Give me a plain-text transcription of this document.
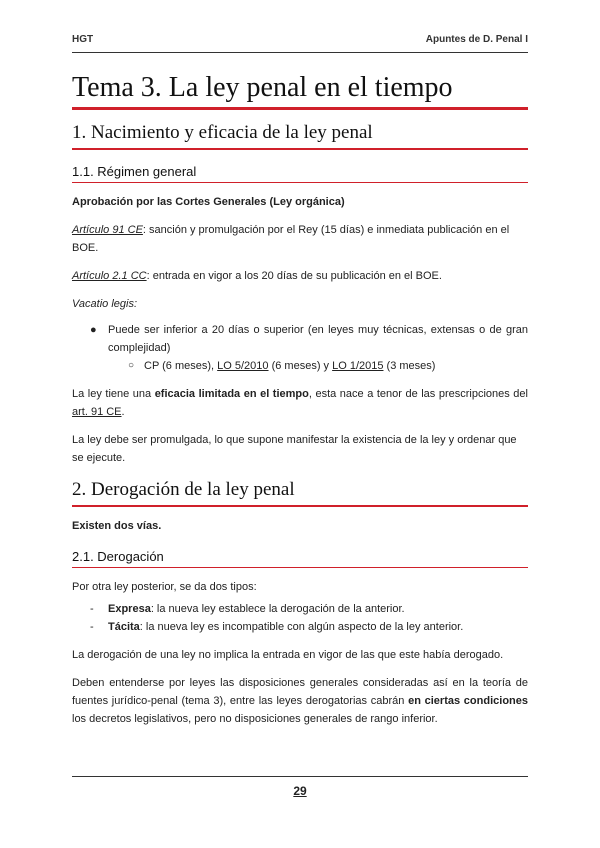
HGT	Apuntes de D. Penal I
Tema 3. La ley penal en el tiempo
1. Nacimiento y eficacia de la ley penal
1.1. Régimen general

Aprobación por las Cortes Generales (Ley orgánica)

Artículo 91 CE: sanción y promulgación por el Rey (15 días) e inmediata publicación en el BOE.

Artículo 2.1 CC: entrada en vigor a los 20 días de su publicación en el BOE.

Vacatio legis:

● Puede ser inferior a 20 días o superior (en leyes muy técnicas, extensas o de gran complejidad)
○ CP (6 meses), LO 5/2010 (6 meses) y LO 1/2015 (3 meses)

La ley tiene una eficacia limitada en el tiempo, esta nace a tenor de las prescripciones del art. 91 CE.

La ley debe ser promulgada, lo que supone manifestar la existencia de la ley y ordenar que se ejecute.

2. Derogación de la ley penal

Existen dos vías.

2.1. Derogación

Por otra ley posterior, se da dos tipos:

- Expresa: la nueva ley establece la derogación de la anterior.
- Tácita: la nueva ley es incompatible con algún aspecto de la ley anterior.

La derogación de una ley no implica la entrada en vigor de las que este había derogado.

Deben entenderse por leyes las disposiciones generales consideradas así en la teoría de fuentes jurídico-penal (tema 3), entre las leyes derogatorias cabrán en ciertas condiciones los decretos legislativos, pero no disposiciones generales de rango inferior.

29
